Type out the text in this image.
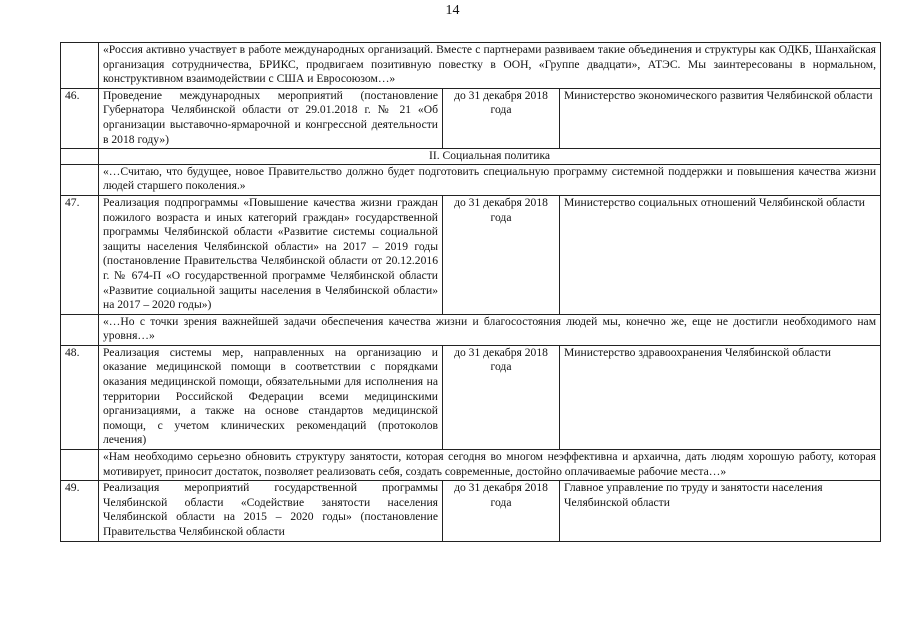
14
	«Россия активно участвует в работе международных организаций. Вместе с партнерами развиваем такие объединения и структуры как ОДКБ, Шанхайская организация сотрудничества, БРИКС, продвигаем позитивную повестку в ООН, «Группе двадцати», АТЭС. Мы заинтересованы в нормальном, конструктивном взаимодействии с США и Евросоюзом…»		
46.	Проведение международных мероприятий (постановление Губернатора Челябинской области от 29.01.2018 г. № 21 «Об организации выставочно-ярмарочной и конгрессной деятельности в 2018 году»)	до 31 декабря 2018 года	Министерство экономического развития Челябинской области
	II. Социальная политика		
	«…Считаю, что будущее, новое Правительство должно будет подготовить специальную программу системной поддержки и повышения качества жизни людей старшего поколения.»		
47.	Реализация подпрограммы «Повышение качества жизни граждан пожилого возраста и иных категорий граждан» государственной программы Челябинской области «Развитие системы социальной защиты населения Челябинской области» на 2017 – 2019 годы (постановление Правительства Челябинской области от 20.12.2016 г. № 674-П «О государственной программе Челябинской области «Развитие социальной защиты населения в Челябинской области» на 2017 – 2020 годы»)	до 31 декабря 2018 года	Министерство социальных отношений Челябинской области
	«…Но с точки зрения важнейшей задачи обеспечения качества жизни и благосостояния людей мы, конечно же, еще не достигли необходимого нам уровня…»		
48.	Реализация системы мер, направленных на организацию и оказание медицинской помощи в соответствии с порядками оказания медицинской помощи, обязательными для исполнения на территории Российской Федерации всеми медицинскими организациями, а также на основе стандартов медицинской помощи, с учетом клинических рекомендаций (протоколов лечения)	до 31 декабря 2018 года	Министерство здравоохранения Челябинской области
	«Нам необходимо серьезно обновить структуру занятости, которая сегодня во многом неэффективна и архаична, дать людям хорошую работу, которая мотивирует, приносит достаток, позволяет реализовать себя, создать современные, достойно оплачиваемые рабочие места…»		
49.	Реализация мероприятий государственной программы Челябинской области «Содействие занятости населения Челябинской области на 2015 – 2020 годы» (постановление Правительства Челябинской области	до 31 декабря 2018 года	Главное управление по труду и занятости населения Челябинской области
